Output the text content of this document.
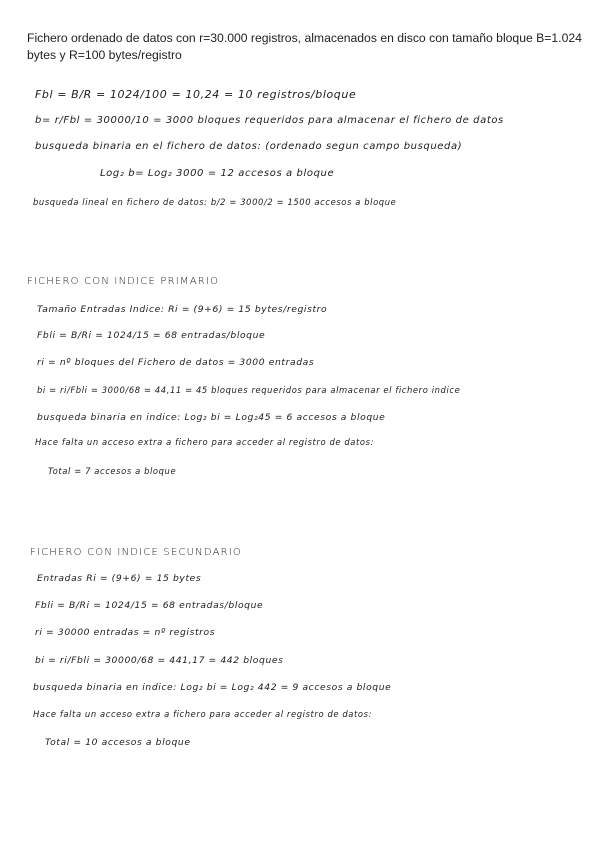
Fichero ordenado de datos con r=30.000 registros, almacenados en disco con tamaño bloque B=1.024 bytes y R=100 bytes/registro
Fbl = B/R = 1024/100 = 10,24 = 10 registros/bloque
b= r/Fbl = 30000/10 = 3000 bloques requeridos para almacenar el fichero de datos
busqueda binaria en el fichero de datos: (ordenado segun campo busqueda)
Log₂ b= Log₂ 3000 = 12 accesos a bloque
busqueda lineal en fichero de datos: b/2 = 3000/2 = 1500 accesos a bloque
FICHERO CON INDICE PRIMARIO
Tamaño Entradas Indice: Ri = (9+6) = 15 bytes/registro
Fbli = B/Ri = 1024/15 = 68 entradas/bloque
ri = nº bloques del Fichero de datos = 3000 entradas
bi = ri/Fbli = 3000/68 = 44,11 = 45 bloques requeridos para almacenar el fichero indice
busqueda binaria en indice: Log₂ bi = Log₂45 = 6 accesos a bloque
Hace falta un acceso extra a fichero para acceder al registro de datos:
Total = 7 accesos a bloque
FICHERO CON INDICE SECUNDARIO
Entradas Ri = (9+6) = 15 bytes
Fbli = B/Ri = 1024/15 = 68 entradas/bloque
ri = 30000 entradas = nº registros
bi = ri/Fbli = 30000/68 = 441,17 = 442 bloques
busqueda binaria en indice: Log₂ bi = Log₂ 442 = 9 accesos a bloque
Hace falta un acceso extra a fichero para acceder al registro de datos:
Total = 10 accesos a bloque
